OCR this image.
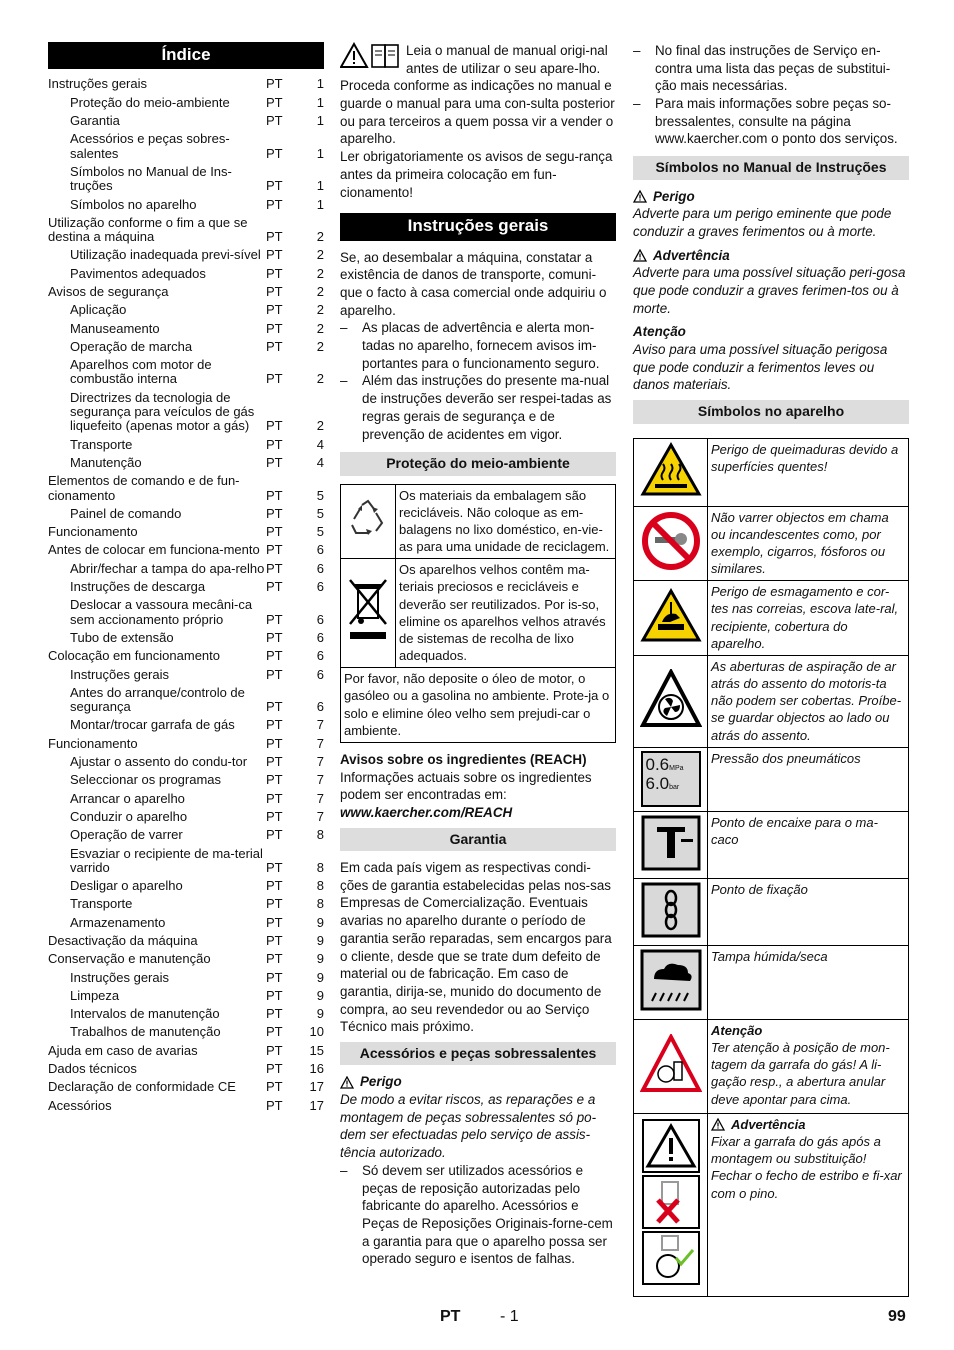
Índice
Instruções gerais	PT	1
Proteção do meio-ambiente	PT	1
Garantia	PT	1
Acessórios e peças sobres-salentes	PT	1
Símbolos no Manual de Ins-truções	PT	1
Símbolos no aparelho	PT	1
Utilização conforme o fim a que se destina a máquina	PT	2
Utilização inadequada previ-sível PT	2
Pavimentos adequados	PT	2
Avisos de segurança	PT	2
Aplicação	PT	2
Manuseamento	PT	2
Operação de marcha	PT	2
Aparelhos com motor de combustão interna	PT	2
Directrizes da tecnologia de segurança para veículos de gás liquefeito (apenas motor a gás)	PT	2
Transporte	PT	4
Manutenção	PT	4
Elementos de comando e de fun-cionamento	PT	5
Painel de comando	PT	5
Funcionamento	PT	5
Antes de colocar em funciona-mento PT	6
Abrir/fechar a tampa do apa-relho PT	6
Instruções de descarga	PT	6
Deslocar a vassoura mecâni-ca sem accionamento próprio	PT	6
Tubo de extensão	PT	6
Colocação em funcionamento	PT	6
Instruções gerais	PT	6
Antes do arranque/controlo de segurança	PT	6
Montar/trocar garrafa de gás	PT	7
Funcionamento	PT	7
Ajustar o assento do condu-tor	PT	7
Seleccionar os programas	PT	7
Arrancar o aparelho	PT	7
Conduzir o aparelho	PT	7
Operação de varrer	PT	8
Esvaziar o recipiente de ma-terial varrido	PT	8
Desligar o aparelho	PT	8
Transporte	PT	8
Armazenamento	PT	9
Desactivação da máquina	PT	9
Conservação e manutenção	PT	9
Instruções gerais	PT	9
Limpeza	PT	9
Intervalos de manutenção	PT	9
Trabalhos de manutenção	PT	10
Ajuda em caso de avarias	PT	15
Dados técnicos	PT	16
Declaração de conformidade CE	PT	17
Acessórios	PT	17

Leia o manual de manual origi-nal antes de utilizar o seu apare-lho. Proceda conforme as indicações no manual e guarde o manual para uma con-sulta posterior ou para terceiros a quem possa vir a vender o aparelho.

Ler obrigatoriamente os avisos de segu-rança antes da primeira colocação em fun-cionamento!

Instruções gerais

Se, ao desembalar a máquina, constatar a existência de danos de transporte, comuni-que o facto à casa comercial onde adquiriu o aparelho.

–	As placas de advertência e alerta mon-tadas no aparelho, fornecem avisos im-portantes para o funcionamento seguro.
–	Além das instruções do presente ma-nual de instruções deverão ser respei-tadas as regras gerais de segurança e de prevenção de acidentes em vigor.
Proteção do meio-ambiente
	Os materiais da embalagem são recicláveis. Não coloque as em-balagens no lixo doméstico, en-vie-as para uma unidade de reciclagem.
	Os aparelhos velhos contêm ma-teriais preciosos e recicláveis e deverão ser reutilizados. Por is-so, elimine os aparelhos velhos através de sistemas de recolha de lixo adequados.
Por favor, não deposite o óleo de motor, o gasóleo ou a gasolina no ambiente. Prote-ja o solo e elimine óleo velho sem prejudi-car o ambiente.	

Avisos sobre os ingredientes (REACH)

Informações actuais sobre os ingredientes podem ser encontradas em:

www.kaercher.com/REACH

Garantia

Em cada país vigem as respectivas condi-ções de garantia estabelecidas pelas nos-sas Empresas de Comercialização. Eventuais avarias no aparelho durante o período de garantia serão reparadas, sem encargos para o cliente, desde que se trate dum defeito de material ou de fabricação. Em caso de garantia, dirija-se, munido do documento de compra, ao seu revendedor ou ao Serviço Técnico mais próximo.

Acessórios e peças sobressalentes
Perigo

De modo a evitar riscos, as reparações e a montagem de peças sobressalentes só po-dem ser efectuadas pelo serviço de assis-tência autorizado.

–	Só devem ser utilizados acessórios e peças de reposição autorizadas pelo fabricante do aparelho. Acessórios e Peças de Reposições Originais-forne-cem a garantia para que o aparelho possa ser operado seguro e isentos de falhas.
–	No final das instruções de Serviço en-contra uma lista das peças de substitui-ção mais necessárias.
–	Para mais informações sobre peças so-bressalentes, consulte na página www.kaercher.com o ponto dos serviços.
Símbolos no Manual de Instruções
Perigo

Adverte para um perigo eminente que pode conduzir a graves ferimentos ou à morte.

Advertência

Adverte para uma possível situação peri-gosa que pode conduzir a graves ferimen-tos ou à morte.

Atenção

Aviso para uma possível situação perigosa que pode conduzir a ferimentos leves ou danos materiais.

Símbolos no aparelho
	Perigo de queimaduras devido a superfícies quentes!
	Não varrer objectos em chama ou incandescentes como, por exemplo, cigarros, fósforos ou similares.
	Perigo de esmagamento e cor-tes nas correias, escova late-ral, recipiente, cobertura do aparelho.
	As aberturas de aspiração de ar atrás do assento do motoris-ta não podem ser cobertas. Proíbe-se guardar objectos ao lado ou atrás do assento.

0.6MPa
6.0bar	Pressão dos pneumáticos
	Ponto de encaixe para o ma-caco
	Ponto de fixação
	Tampa húmida/seca

Atenção

Ter atenção à posição de mon-tagem da garrafa do gás! A li-gação resp., a abertura anular deve apontar para cima.

Advertência

Fixar a garrafa do gás após a montagem ou substituição! Fechar o fecho de estribo e fi-xar com o pino.

PT - 1	99
